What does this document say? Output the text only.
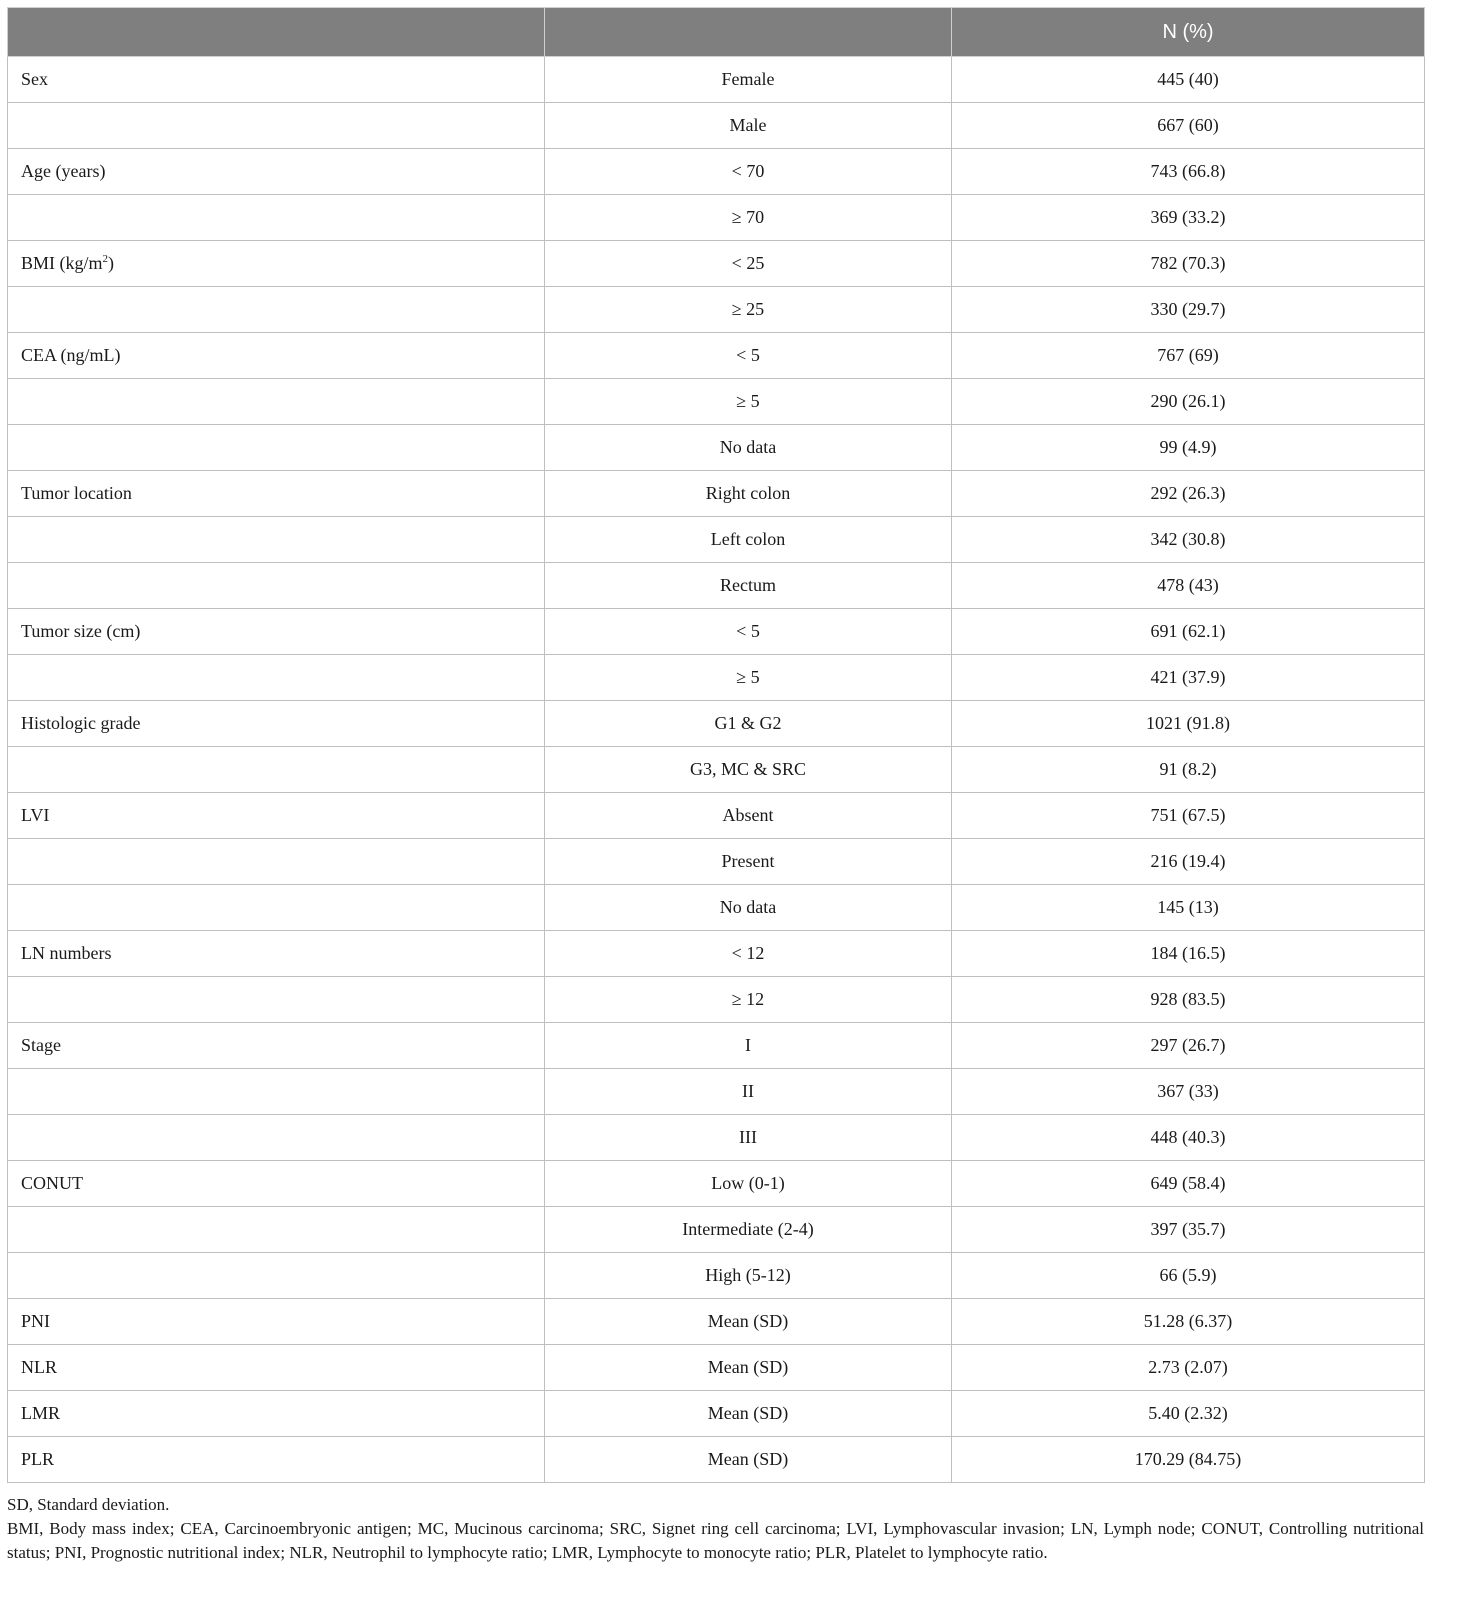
		N (%)
Sex	Female	445 (40)
	Male	667 (60)
Age (years)	< 70	743 (66.8)
	≥ 70	369 (33.2)
BMI $(kg/m^2)$	< 25	782 (70.3)
	≥ 25	330 (29.7)
CEA (ng/mL)	< 5	767 (69)
	≥ 5	290 (26.1)
	No data	99 (4.9)
Tumor location	Right colon	292 (26.3)
	Left colon	342 (30.8)
	Rectum	478 (43)
Tumor size (cm)	< 5	691 (62.1)
	≥ 5	421 (37.9)
Histologic grade	G1 & G2	1021 (91.8)
	G3, MC & SRC	91 (8.2)
LVI	Absent	751 (67.5)
	Present	216 (19.4)
	No data	145 (13)
LN numbers	< 12	184 (16.5)
	≥ 12	928 (83.5)
Stage	I	297 (26.7)
	II	367 (33)
	III	448 (40.3)
CONUT	Low (0-1)	649 (58.4)
	Intermediate (2-4)	397 (35.7)
	High (5-12)	66 (5.9)
PNI	Mean (SD)	51.28 (6.37)
NLR	Mean (SD)	2.73 (2.07)
LMR	Mean (SD)	5.40 (2.32)
PLR	Mean (SD)	170.29 (84.75)

SD, Standard deviation.

BMI, Body mass index; CEA, Carcinoembryonic antigen; MC, Mucinous carcinoma; SRC, Signet ring cell carcinoma; LVI, Lymphovascular invasion; LN, Lymph node; CONUT, Controlling nutritional status; PNI, Prognostic nutritional index; NLR, Neutrophil to lymphocyte ratio; LMR, Lymphocyte to monocyte ratio; PLR, Platelet to lymphocyte ratio.
